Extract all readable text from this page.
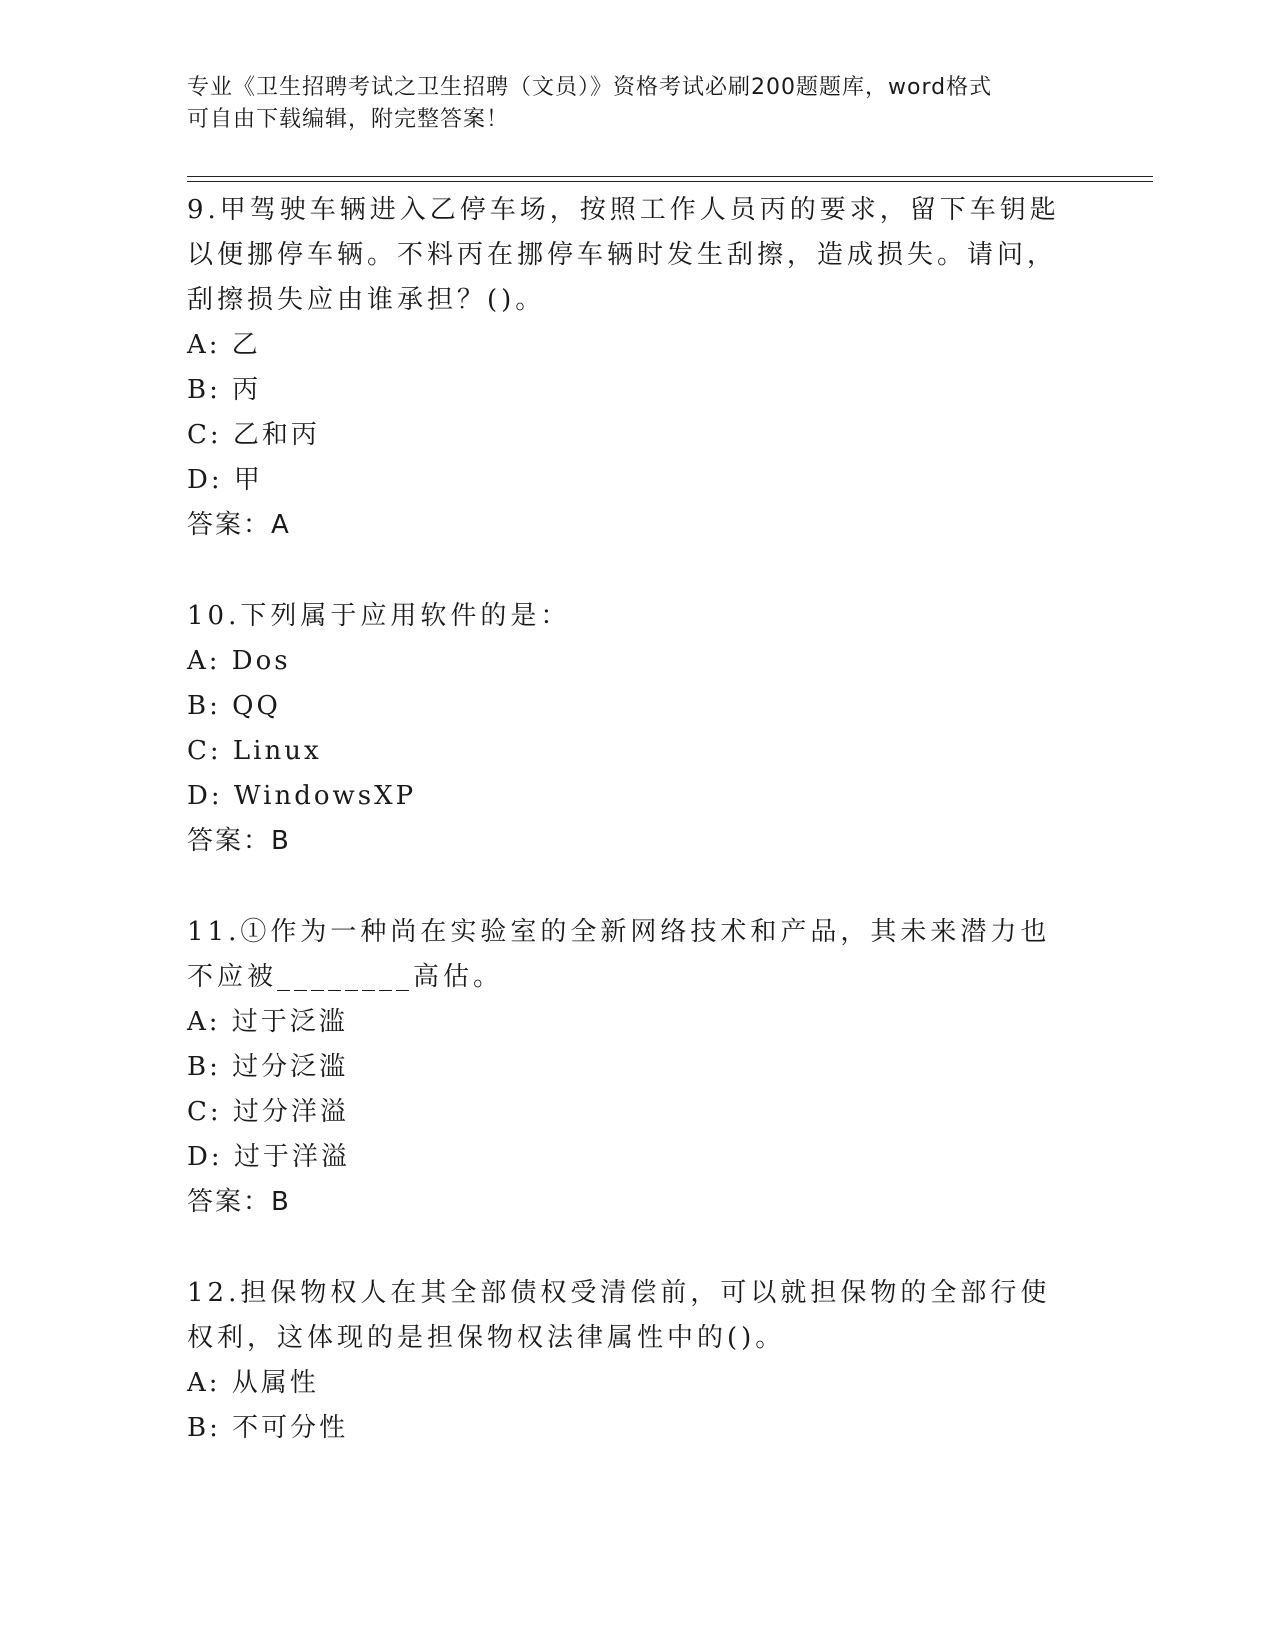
专业《卫生招聘考试之卫生招聘（文员）》资格考试必刷200题题库，word格式
可自由下载编辑，附完整答案！

9.甲驾驶车辆进入乙停车场，按照工作人员丙的要求，留下车钥匙以便挪停车辆。不料丙在挪停车辆时发生刮擦，造成损失。请问，刮擦损失应由谁承担？()。

A: 乙
B: 丙
C: 乙和丙
D: 甲
答案：A

10.下列属于应用软件的是：

A: Dos
B: QQ
C: Linux
D: WindowsXP
答案：B

11.①作为一种尚在实验室的全新网络技术和产品，其未来潜力也不应被________高估。

A: 过于泛滥
B: 过分泛滥
C: 过分洋溢
D: 过于洋溢
答案：B

12.担保物权人在其全部债权受清偿前，可以就担保物的全部行使权利，这体现的是担保物权法律属性中的()。

A: 从属性
B: 不可分性
